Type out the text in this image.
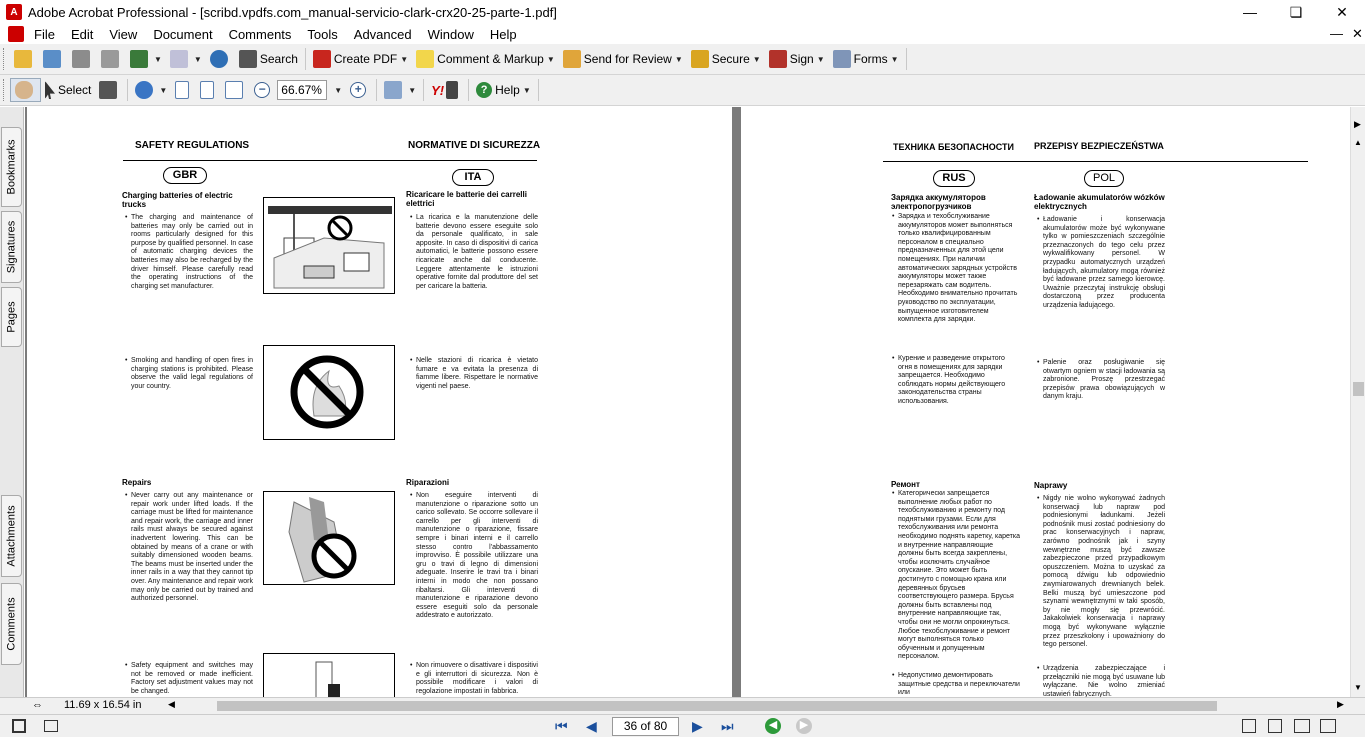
A Adobe Acrobat Professional - [scribd.vpdfs.com_manual-servicio-clark-crx20-25-parte-1.pdf]	—	❏	✕
File	Edit	View	Document	Comments	Tools	Advanced	Window	Help	— ✕
▼	▼	Search	Create PDF ▼ Comment & Markup ▼ Send for Review ▼ Secure ▼ Sign ▼ Forms ▼
Select	▼	−	66.67%	▼	+	▼ Y!	? Help ▼
Bookmarks
Signatures
Pages
Attachments
Comments
SAFETY REGULATIONS	NORMATIVE DI SICUREZZA
GBR	ITA
Charging batteries of electric trucks
• The charging and maintenance of batteries may only be carried out in rooms particularly designed for this purpose by qualified personnel. In case of automatic charging devices the batteries may also be recharged by the driver himself. Please carefully read the operating instructions of the charging set manufacturer.
Ricaricare le batterie dei carrelli elettrici
• La ricarica e la manutenzione delle batterie devono essere eseguite solo da personale qualificato, in sale apposite. In caso di dispositivi di carica automatici, le batterie possono essere ricaricate anche dal conducente. Leggere attentamente le istruzioni operative fornite dal produttore del set per caricare la batteria.
• Smoking and handling of open fires in charging stations is prohibited. Please observe the valid legal regulations of your country.
• Nelle stazioni di ricarica è vietato fumare e va evitata la presenza di fiamme libere. Rispettare le normative vigenti nel paese.
Repairs
• Never carry out any maintenance or repair work under lifted loads. If the carriage must be lifted for maintenance and repair work, the carriage and inner rails must always be secured against inadvertent lowering. This can be obtained by means of a crane or with suitably dimensioned wooden beams. The beams must be inserted under the inner rails in a way that they cannot tip over. Any maintenance and repair work may only be carried out by trained and authorized personnel.
Riparazioni
• Non eseguire interventi di manutenzione o riparazione sotto un carico sollevato. Se occorre sollevare il carrello per gli interventi di manutenzione o riparazione, fissare sempre i binari interni e il carrello stesso contro l'abbassamento improvviso. È possibile utilizzare una gru o travi di legno di dimensioni adeguate. Inserire le travi tra i binari interni in modo che non possano ribaltarsi. Gli interventi di manutenzione e riparazione devono essere eseguiti solo da personale addestrato e autorizzato.
• Safety equipment and switches may not be removed or made inefficient. Factory set adjustment values may not be changed.
• Non rimuovere o disattivare i dispositivi e gli interruttori di sicurezza. Non è possibile modificare i valori di regolazione impostati in fabbrica.
ТЕХНИКА БЕЗОПАСНОСТИ PRZEPISY BEZPIECZEŃSTWA
RUS	POL
Зарядка аккумуляторов электропогрузчиков
• Зарядка и техобслуживание аккумуляторов может выполняться только квалифицированным персоналом в специально предназначенных для этой цели помещениях. При наличии автоматических зарядных устройств аккумуляторы может также перезаряжать сам водитель. Необходимо внимательно прочитать руководство по эксплуатации, выпущенное изготовителем комплекта для зарядки.
Ładowanie akumulatorów wózków elektrycznych
• Ładowanie i konserwacja akumulatorów może być wykonywane tylko w pomieszczeniach szczególnie przeznaczonych do tego celu przez wykwalifikowany personel. W przypadku automatycznych urządzeń ładujących, akumulatory mogą również być ładowane przez samego kierowcę. Uważnie przeczytaj instrukcję obsługi dostarczoną przez producenta urządzenia ładującego.
• Курение и разведение открытого огня в помещениях для зарядки запрещается. Необходимо соблюдать нормы действующего законодательства страны использования.
• Palenie oraz posługiwanie się otwartym ogniem w stacji ładowania są zabronione. Proszę przestrzegać przepisów prawa obowiązujących w danym kraju.
Ремонт
• Категорически запрещается выполнение любых работ по техобслуживанию и ремонту под поднятыми грузами. Если для техобслуживания или ремонта необходимо поднять каретку, каретка и внутренние направляющие должны быть всегда закреплены, чтобы исключить случайное опускание. Это может быть достигнуто с помощью крана или деревянных брусьев соответствующего размера. Брусья должны быть вставлены под внутренние направляющие так, чтобы они не могли опрокинуться. Любое техобслуживание и ремонт могут выполняться только обученным и допущенным персоналом.
• Недопустимо демонтировать защитные средства и переключатели или
Naprawy
• Nigdy nie wolno wykonywać żadnych konserwacji lub napraw pod podniesionymi ładunkami. Jeżeli podnośnik musi zostać podniesiony do prac konserwacyjnych i napraw, zarówno podnośnik jak i szyny wewnętrzne muszą być zawsze zabezpieczone przed przypadkowym opuszczeniem. Można to uzyskać za pomocą dźwigu lub odpowiednio zwymiarowanych drewnianych belek. Belki muszą być umieszczone pod szynami wewnętrznymi w taki sposób, by nie mogły się przewrócić. Jakakolwiek konserwacja i naprawy mogą być wykonywane wyłącznie przez przeszkolony i upoważniony do tego personel.
• Urządzenia zabezpieczające i przełączniki nie mogą być usuwane lub wyłączane. Nie wolno zmieniać ustawień fabrycznych.
▶
▲
▼
⇔ 11.69 x 16.54 in	◀	▶
⏮ ◀	36 of 80	▶ ⏭	◀	▶
